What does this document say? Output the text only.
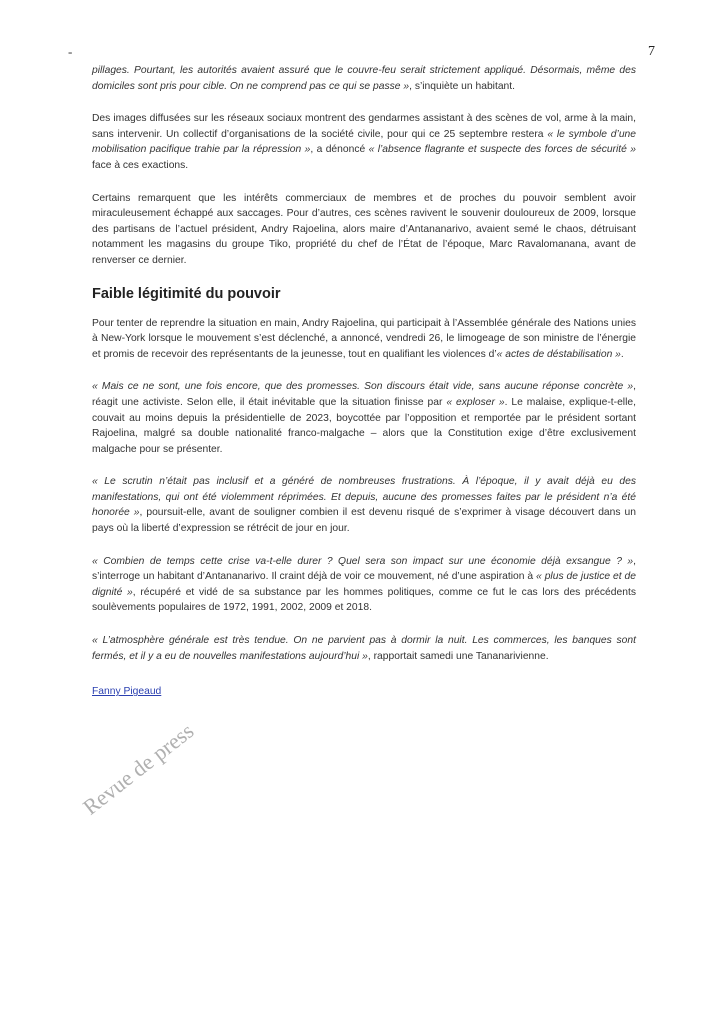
-	7

pillages. Pourtant, les autorités avaient assuré que le couvre-feu serait strictement appliqué. Désormais, même des domiciles sont pris pour cible. On ne comprend pas ce qui se passe », s’inquiète un habitant.

Des images diffusées sur les réseaux sociaux montrent des gendarmes assistant à des scènes de vol, arme à la main, sans intervenir. Un collectif d’organisations de la société civile, pour qui ce 25 septembre restera « le symbole d’une mobilisation pacifique trahie par la répression », a dénoncé « l’absence flagrante et suspecte des forces de sécurité » face à ces exactions.

Certains remarquent que les intérêts commerciaux de membres et de proches du pouvoir semblent avoir miraculeusement échappé aux saccages. Pour d’autres, ces scènes ravivent le souvenir douloureux de 2009, lorsque des partisans de l’actuel président, Andry Rajoelina, alors maire d’Antananarivo, avaient semé le chaos, détruisant notamment les magasins du groupe Tiko, propriété du chef de l’État de l’époque, Marc Ravalomanana, avant de renverser ce dernier.

Faible légitimité du pouvoir

Pour tenter de reprendre la situation en main, Andry Rajoelina, qui participait à l’Assemblée générale des Nations unies à New-York lorsque le mouvement s’est déclenché, a annoncé, vendredi 26, le limogeage de son ministre de l’énergie et promis de recevoir des représentants de la jeunesse, tout en qualifiant les violences d’« actes de déstabilisation ».

« Mais ce ne sont, une fois encore, que des promesses. Son discours était vide, sans aucune réponse concrète », réagit une activiste. Selon elle, il était inévitable que la situation finisse par « exploser ». Le malaise, explique-t-elle, couvait au moins depuis la présidentielle de 2023, boycottée par l’opposition et remportée par le président sortant Rajoelina, malgré sa double nationalité franco-malgache – alors que la Constitution exige d’être exclusivement malgache pour se présenter.

« Le scrutin n’était pas inclusif et a généré de nombreuses frustrations. À l’époque, il y avait déjà eu des manifestations, qui ont été violemment réprimées. Et depuis, aucune des promesses faites par le président n’a été honorée », poursuit-elle, avant de souligner combien il est devenu risqué de s’exprimer à visage découvert dans un pays où la liberté d’expression se rétrécit de jour en jour.

« Combien de temps cette crise va-t-elle durer ? Quel sera son impact sur une économie déjà exsangue ? », s’interroge un habitant d’Antananarivo. Il craint déjà de voir ce mouvement, né d’une aspiration à « plus de justice et de dignité », récupéré et vidé de sa substance par les hommes politiques, comme ce fut le cas lors des précédents soulèvements populaires de 1972, 1991, 2002, 2009 et 2018.

« L’atmosphère générale est très tendue. On ne parvient pas à dormir la nuit. Les commerces, les banques sont fermés, et il y a eu de nouvelles manifestations aujourd’hui », rapportait samedi une Tananarivienne.

Fanny Pigeaud
Revue de press
